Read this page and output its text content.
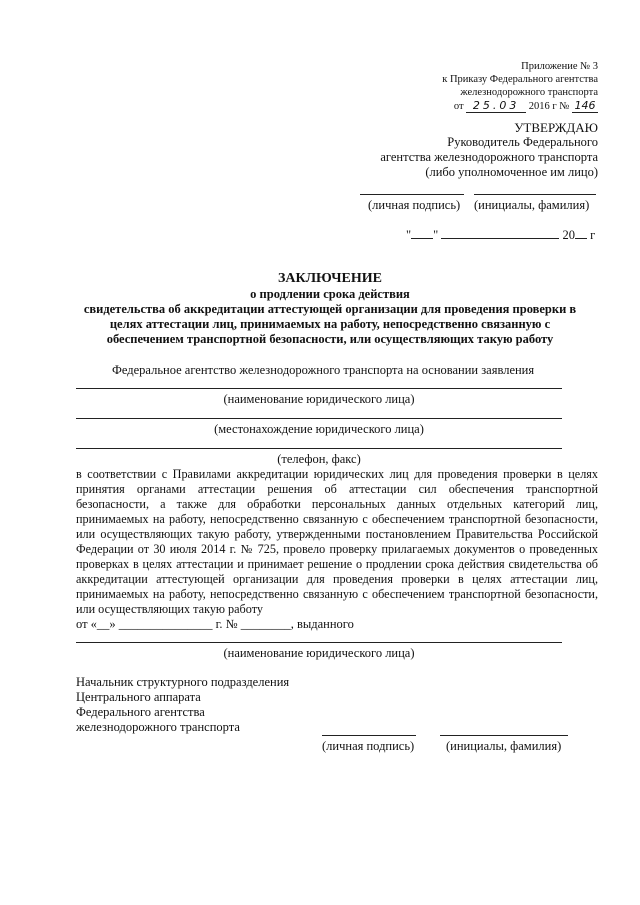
Приложение № 3
к Приказу Федерального агентства
железнодорожного транспорта
от 25.03 2016 г № 146
УТВЕРЖДАЮ
Руководитель Федерального
агентства железнодорожного транспорта
(либо уполномоченное им лицо)
(личная подпись) (инициалы, фамилия)
" "	20 г
ЗАКЛЮЧЕНИЕ
о продлении срока действия
свидетельства об аккредитации аттестующей организации для проведения проверки в
целях аттестации лиц, принимаемых на работу, непосредственно связанную с
обеспечением транспортной безопасности, или осуществляющих такую работу
Федеральное агентство железнодорожного транспорта на основании заявления
(наименование юридического лица)
(местонахождение юридического лица)
(телефон, факс)
в соответствии с Правилами аккредитации юридических лиц для проведения проверки в целях принятия органами аттестации решения об аттестации сил обеспечения транспортной безопасности, а также для обработки персональных данных отдельных категорий лиц, принимаемых на работу, непосредственно связанную с обеспечением транспортной безопасности, или осуществляющих такую работу, утвержденными постановлением Правительства Российской Федерации от 30 июля 2014 г. № 725, провело проверку прилагаемых документов о проведенных проверках в целях аттестации и принимает решение о продлении срока действия свидетельства об аккредитации аттестующей организации для проведения проверки в целях аттестации лиц, принимаемых на работу, непосредственно связанную с обеспечением транспортной безопасности, или осуществляющих такую работу
от «__» _______________ г. № ________, выданного
(наименование юридического лица)
Начальник структурного подразделения
Центрального аппарата
Федерального агентства
железнодорожного транспорта
(личная подпись)	(инициалы, фамилия)
